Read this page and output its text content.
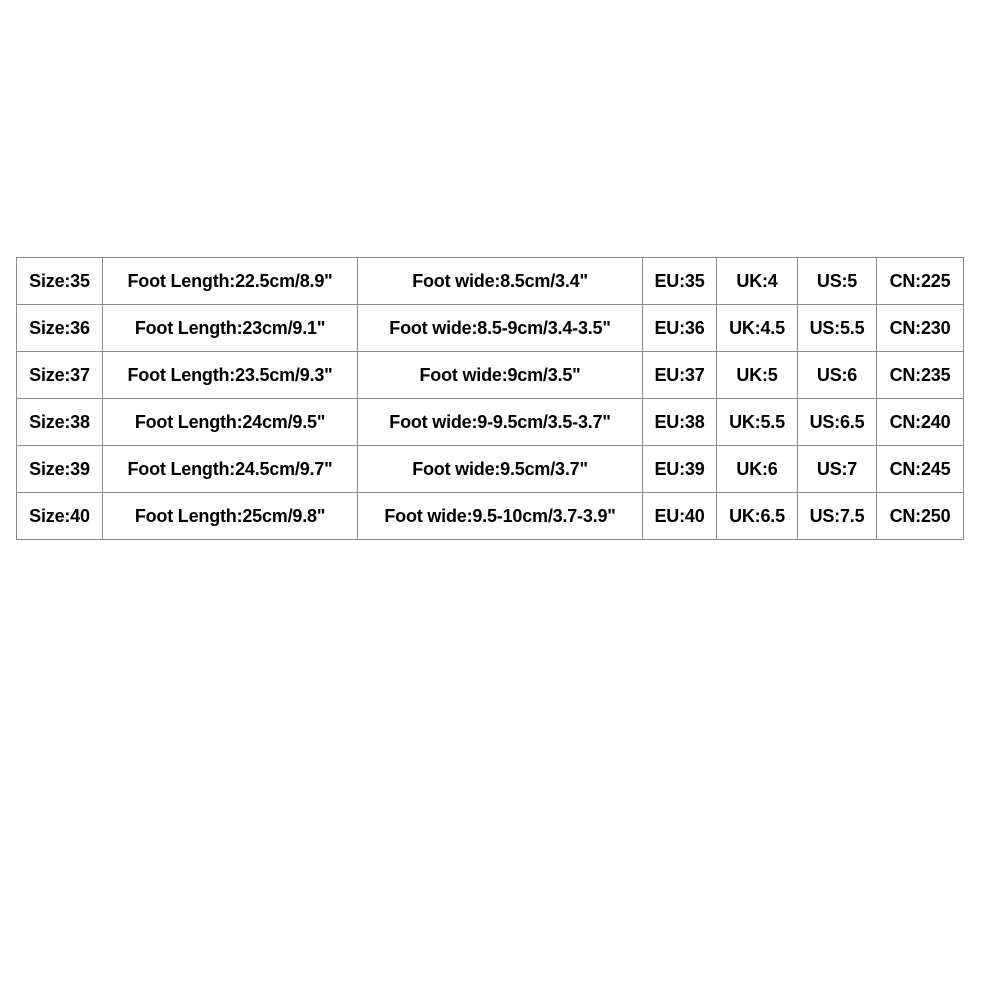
Size:35	Foot Length:22.5cm/8.9"	Foot wide:8.5cm/3.4"	EU:35	UK:4	US:5	CN:225
Size:36	Foot Length:23cm/9.1"	Foot wide:8.5-9cm/3.4-3.5"	EU:36	UK:4.5	US:5.5	CN:230
Size:37	Foot Length:23.5cm/9.3"	Foot wide:9cm/3.5"	EU:37	UK:5	US:6	CN:235
Size:38	Foot Length:24cm/9.5"	Foot wide:9-9.5cm/3.5-3.7"	EU:38	UK:5.5	US:6.5	CN:240
Size:39	Foot Length:24.5cm/9.7"	Foot wide:9.5cm/3.7"	EU:39	UK:6	US:7	CN:245
Size:40	Foot Length:25cm/9.8"	Foot wide:9.5-10cm/3.7-3.9"	EU:40	UK:6.5	US:7.5	CN:250
